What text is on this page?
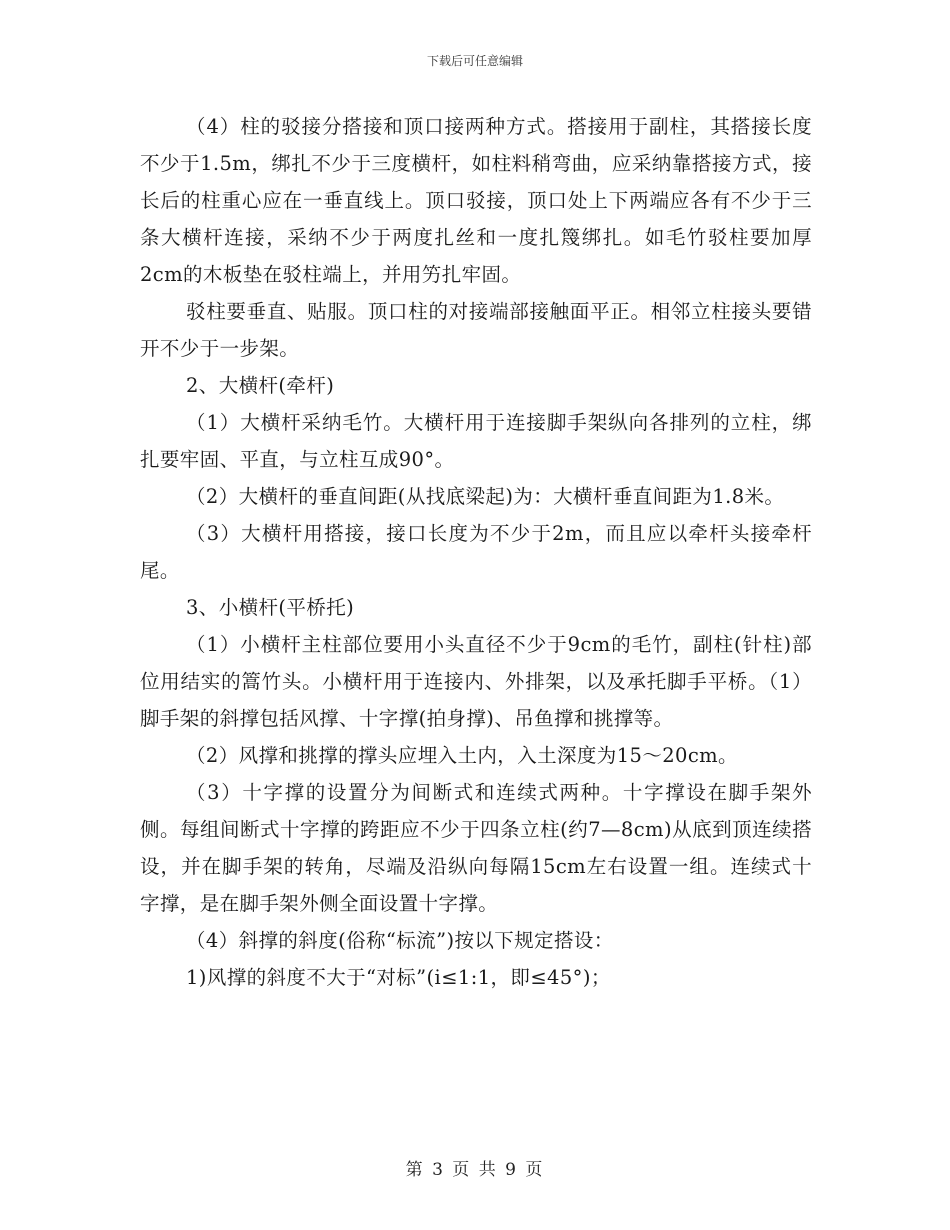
下载后可任意编辑

（4）柱的驳接分搭接和顶口接两种方式。搭接用于副柱，其搭接长度不少于1.5m，绑扎不少于三度横杆，如柱料稍弯曲，应采纳靠搭接方式，接长后的柱重心应在一垂直线上。顶口驳接，顶口处上下两端应各有不少于三条大横杆连接，采纳不少于两度扎丝和一度扎篾绑扎。如毛竹驳柱要加厚2cm的木板垫在驳柱端上，并用竻扎牢固。

驳柱要垂直、贴服。顶口柱的对接端部接触面平正。相邻立柱接头要错开不少于一步架。

2、大横杆(牵杆)

（1）大横杆采纳毛竹。大横杆用于连接脚手架纵向各排列的立柱，绑扎要牢固、平直，与立柱互成90°。

（2）大横杆的垂直间距(从找底梁起)为：大横杆垂直间距为1.8米。

（3）大横杆用搭接，接口长度为不少于2m，而且应以牵杆头接牵杆尾。

3、小横杆(平桥托)

（1）小横杆主柱部位要用小头直径不少于9cm的毛竹，副柱(针柱)部位用结实的篙竹头。小横杆用于连接内、外排架，以及承托脚手平桥。（1）脚手架的斜撑包括风撑、十字撑(拍身撑)、吊鱼撑和挑撑等。

（2）风撑和挑撑的撑头应埋入土内，入土深度为15～20cm。

（3）十字撑的设置分为间断式和连续式两种。十字撑设在脚手架外侧。每组间断式十字撑的跨距应不少于四条立柱(约7—8cm)从底到顶连续搭设，并在脚手架的转角，尽端及沿纵向每隔15cm左右设置一组。连续式十字撑，是在脚手架外侧全面设置十字撑。

（4）斜撑的斜度(俗称“标流”)按以下规定搭设：

1)风撑的斜度不大于“对标”(i≤1:1，即≤45°)；

第 3 页 共 9 页
